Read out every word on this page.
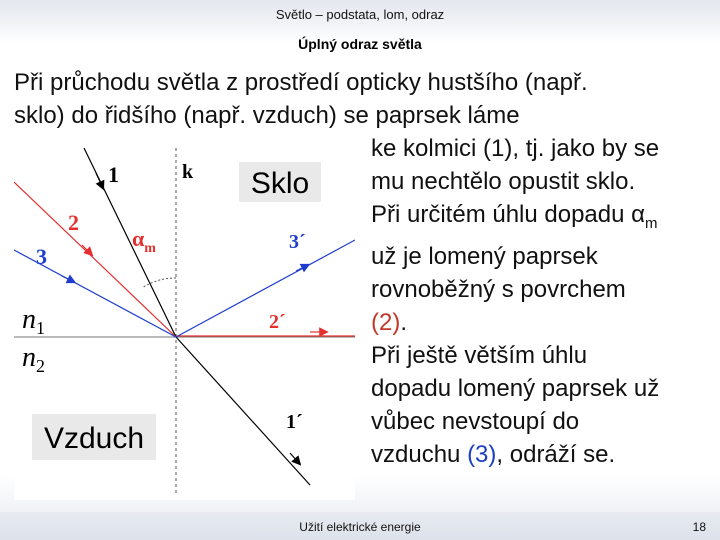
Světlo – podstata, lom, odraz
Úplný odraz světla
Při průchodu světla z prostředí opticky hustšího (např.
sklo) do řidšího (např. vzduch) se paprsek láme
1	k
2
3
$\alpha_m$	3´
2´
1´
$n_1$
$n_2$
Sklo
Vzduch
ke kolmici (1), tj. jako by se
mu nechtělo opustit sklo.
Při určitém úhlu dopadu $\alpha_m$
už je lomený paprsek
rovnoběžný s povrchem
(2).
Při ještě větším úhlu
dopadu lomený paprsek už
vůbec nevstoupí do
vzduchu (3), odráží se.
Užití elektrické energie	18
